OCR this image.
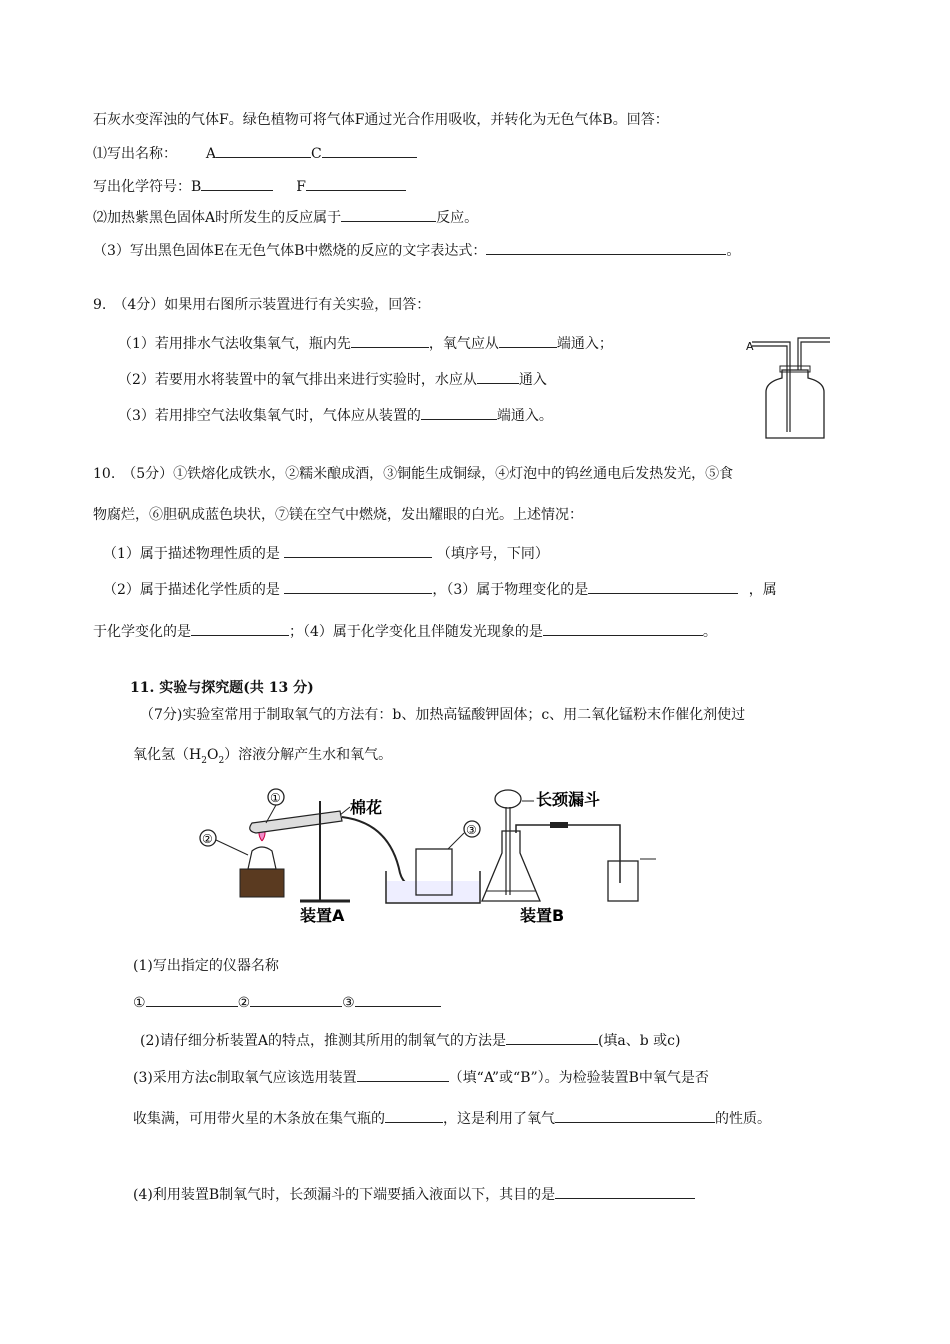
石灰水变浑浊的气体F。绿色植物可将气体F通过光合作用吸收，并转化为无色气体B。回答：
⑴写出名称： A	C
写出化学符号：B	F
⑵加热紫黑色固体A时所发生的反应属于	反应。
（3）写出黑色固体E在无色气体B中燃烧的反应的文字表达式：	。
9.　（4分）如果用右图所示装置进行有关实验，回答：
（1）若用排水气法收集氧气，瓶内先	，氧气应从	端通入；
（2）若要用水将装置中的氧气排出来进行实验时，水应从	通入
（3）若用排空气法收集氧气时，气体应从装置的	端通入。
A
10.　（5分）①铁熔化成铁水，②糯米酿成酒，③铜能生成铜绿，④灯泡中的钨丝通电后发热发光，⑤食
物腐烂，⑥胆矾成蓝色块状，⑦镁在空气中燃烧，发出耀眼的白光。上述情况：
（1）属于描述物理性质的是	（填序号，下同）
（2）属于描述化学性质的是	，（3）属于物理变化的是	，属
于化学变化的是	；（4）属于化学变化且伴随发光现象的是	。
11. 实验与探究题(共 13 分)
（7分)实验室常用于制取氧气的方法有：b、加热高锰酸钾固体；c、用二氧化锰粉末作催化剂使过
氧化氢$(H_2O_2)$溶液分解产生水和氧气。
②
①	棉花
③
长颈漏斗
装置A	装置B
(1)写出指定的仪器名称
①	②	③
(2)请仔细分析装置A的特点，推测其所用的制氧气的方法是	(填a、b 或c)
(3)采用方法c制取氧气应该选用装置	（填“A”或“B”）。为检验装置B中氧气是否
收集满，可用带火星的木条放在集气瓶的	，这是利用了氧气	的性质。
(4)利用装置B制氧气时，长颈漏斗的下端要插入液面以下，其目的是
